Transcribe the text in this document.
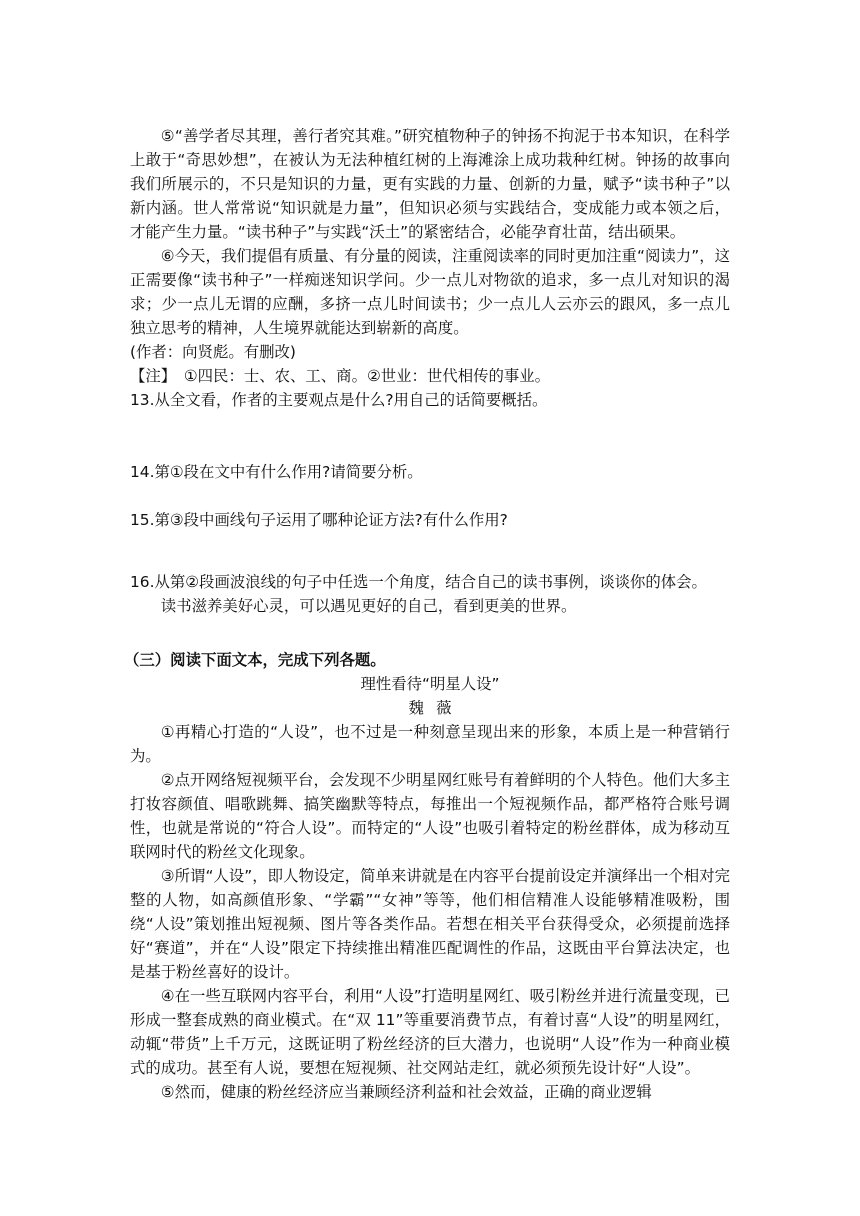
⑤“善学者尽其理，善行者究其难。”研究植物种子的钟扬不拘泥于书本知识，在科学上敢于“奇思妙想”，在被认为无法种植红树的上海滩涂上成功栽种红树。钟扬的故事向我们所展示的，不只是知识的力量，更有实践的力量、创新的力量，赋予“读书种子”以新内涵。世人常常说“知识就是力量”，但知识必须与实践结合，变成能力或本领之后，才能产生力量。“读书种子”与实践“沃土”的紧密结合，必能孕育壮苗，结出硕果。

⑥今天，我们提倡有质量、有分量的阅读，注重阅读率的同时更加注重“阅读力”，这正需要像“读书种子”一样痴迷知识学问。少一点儿对物欲的追求，多一点儿对知识的渴求；少一点儿无谓的应酬，多挤一点儿时间读书；少一点儿人云亦云的跟风，多一点儿独立思考的精神，人生境界就能达到崭新的高度。

(作者：向贤彪。有删改)

【注】　①四民：士、农、工、商。②世业：世代相传的事业。

13.从全文看，作者的主要观点是什么?用自己的话简要概括。

14.第①段在文中有什么作用?请简要分析。

15.第③段中画线句子运用了哪种论证方法?有什么作用?

16.从第②段画波浪线的句子中任选一个角度，结合自己的读书事例，谈谈你的体会。

读书滋养美好心灵，可以遇见更好的自己，看到更美的世界。

（三）阅读下面文本，完成下列各题。

理性看待“明星人设”

魏薇

①再精心打造的“人设”，也不过是一种刻意呈现出来的形象，本质上是一种营销行为。

②点开网络短视频平台，会发现不少明星网红账号有着鲜明的个人特色。他们大多主打妆容颜值、唱歌跳舞、搞笑幽默等特点，每推出一个短视频作品，都严格符合账号调性，也就是常说的“符合人设”。而特定的“人设”也吸引着特定的粉丝群体，成为移动互联网时代的粉丝文化现象。

③所谓“人设”，即人物设定，简单来讲就是在内容平台提前设定并演绎出一个相对完整的人物，如高颜值形象、“学霸”“女神”等等，他们相信精准人设能够精准吸粉，围绕“人设”策划推出短视频、图片等各类作品。若想在相关平台获得受众，必须提前选择好“赛道”，并在“人设”限定下持续推出精准匹配调性的作品，这既由平台算法决定，也是基于粉丝喜好的设计。

④在一些互联网内容平台，利用“人设”打造明星网红、吸引粉丝并进行流量变现，已形成一整套成熟的商业模式。在“双 11”等重要消费节点，有着讨喜“人设”的明星网红，动辄“带货”上千万元，这既证明了粉丝经济的巨大潜力，也说明“人设”作为一种商业模式的成功。甚至有人说，要想在短视频、社交网站走红，就必须预先设计好“人设”。

⑤然而，健康的粉丝经济应当兼顾经济利益和社会效益，正确的商业逻辑
